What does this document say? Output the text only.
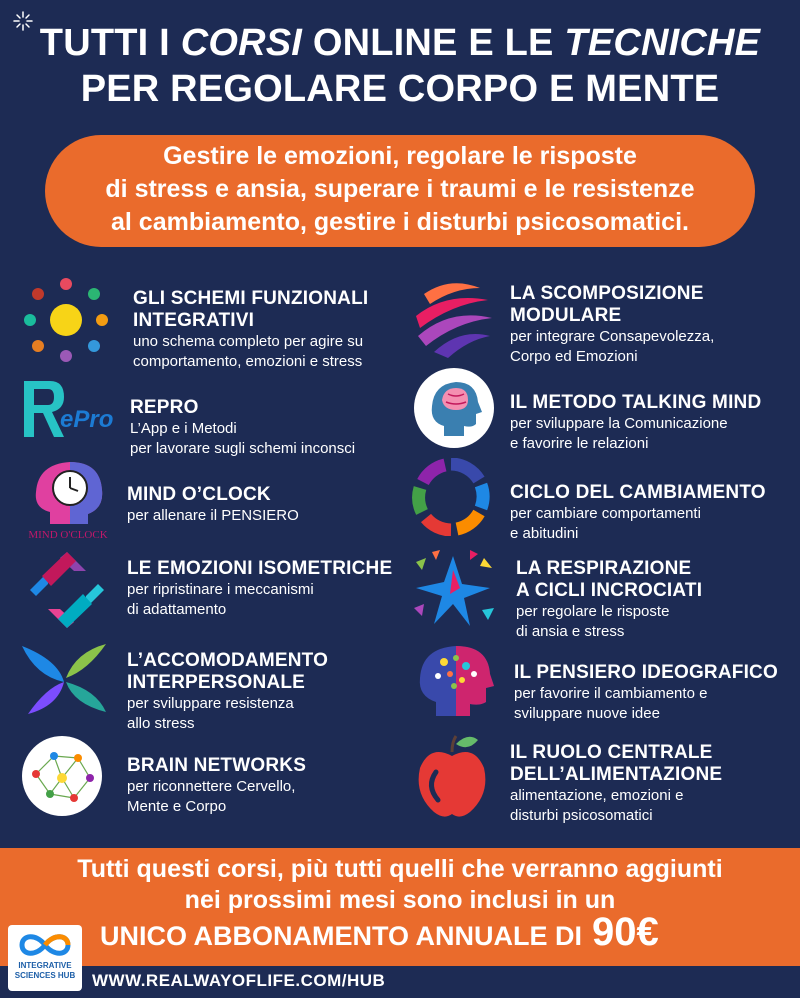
TUTTI I CORSI ONLINE E LE TECNICHE
PER REGOLARE CORPO E MENTE
Gestire le emozioni, regolare le risposte
di stress e ansia, superare i traumi e le resistenze
al cambiamento, gestire i disturbi psicosomatici.
GLI SCHEMI FUNZIONALI
INTEGRATIVI
uno schema completo per agire su
comportamento, emozioni e stress
ePro REPRO
L’App e i Metodi
per lavorare sugli schemi inconsci
MIND O'CLOCK
MIND O’CLOCK
per allenare il PENSIERO
LE EMOZIONI ISOMETRICHE
per ripristinare i meccanismi
di adattamento
L’ACCOMODAMENTO
INTERPERSONALE
per sviluppare resistenza
allo stress
BRAIN NETWORKS
per riconnettere Cervello,
Mente e Corpo
LA SCOMPOSIZIONE
MODULARE
per integrare Consapevolezza,
Corpo ed Emozioni
IL METODO TALKING MIND
per sviluppare la Comunicazione
e favorire le relazioni
CICLO DEL CAMBIAMENTO
per cambiare comportamenti
e abitudini
LA RESPIRAZIONE
A CICLI INCROCIATI
per regolare le risposte
di ansia e stress
IL PENSIERO IDEOGRAFICO
per favorire il cambiamento e
sviluppare nuove idee
IL RUOLO CENTRALE
DELL’ALIMENTAZIONE
alimentazione, emozioni e
disturbi psicosomatici
Tutti questi corsi, più tutti quelli che verranno aggiunti
nei prossimi mesi sono inclusi in un
UNICO ABBONAMENTO ANNUALE DI 90€
WWW.REALWAYOFLIFE.COM/HUB
INTEGRATIVE
SCIENCES HUB
